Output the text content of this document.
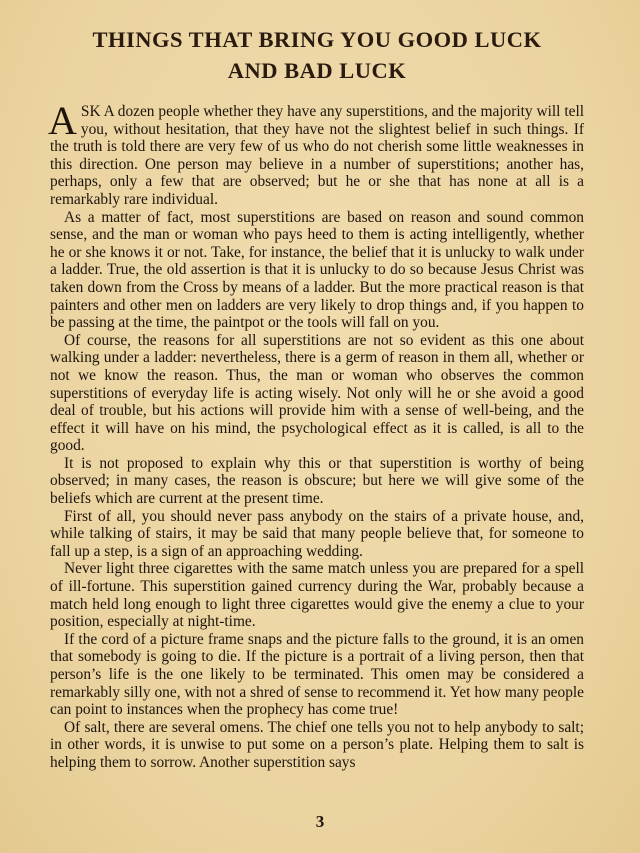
THINGS THAT BRING YOU GOOD LUCK
AND BAD LUCK

ASK A dozen people whether they have any superstitions, and the majority will tell you, without hesitation, that they have not the slightest belief in such things. If the truth is told there are very few of us who do not cherish some little weaknesses in this direction. One person may believe in a number of superstitions; another has, perhaps, only a few that are observed; but he or she that has none at all is a remarkably rare individual.

As a matter of fact, most superstitions are based on reason and sound common sense, and the man or woman who pays heed to them is acting intelligently, whether he or she knows it or not. Take, for instance, the belief that it is unlucky to walk under a ladder. True, the old assertion is that it is unlucky to do so because Jesus Christ was taken down from the Cross by means of a ladder. But the more practical reason is that painters and other men on ladders are very likely to drop things and, if you happen to be passing at the time, the paintpot or the tools will fall on you.

Of course, the reasons for all superstitions are not so evident as this one about walking under a ladder: nevertheless, there is a germ of reason in them all, whether or not we know the reason. Thus, the man or woman who observes the common superstitions of everyday life is acting wisely. Not only will he or she avoid a good deal of trouble, but his actions will provide him with a sense of well-being, and the effect it will have on his mind, the psychological effect as it is called, is all to the good.

It is not proposed to explain why this or that superstition is worthy of being observed; in many cases, the reason is obscure; but here we will give some of the beliefs which are current at the present time.

First of all, you should never pass anybody on the stairs of a private house, and, while talking of stairs, it may be said that many people believe that, for someone to fall up a step, is a sign of an approaching wedding.

Never light three cigarettes with the same match unless you are prepared for a spell of ill-fortune. This superstition gained currency during the War, probably because a match held long enough to light three cigarettes would give the enemy a clue to your position, especially at night-time.

If the cord of a picture frame snaps and the picture falls to the ground, it is an omen that somebody is going to die. If the picture is a portrait of a living person, then that person’s life is the one likely to be terminated. This omen may be considered a remarkably silly one, with not a shred of sense to recommend it. Yet how many people can point to instances when the prophecy has come true!

Of salt, there are several omens. The chief one tells you not to help anybody to salt; in other words, it is unwise to put some on a person’s plate. Helping them to salt is helping them to sorrow. Another superstition says

3
